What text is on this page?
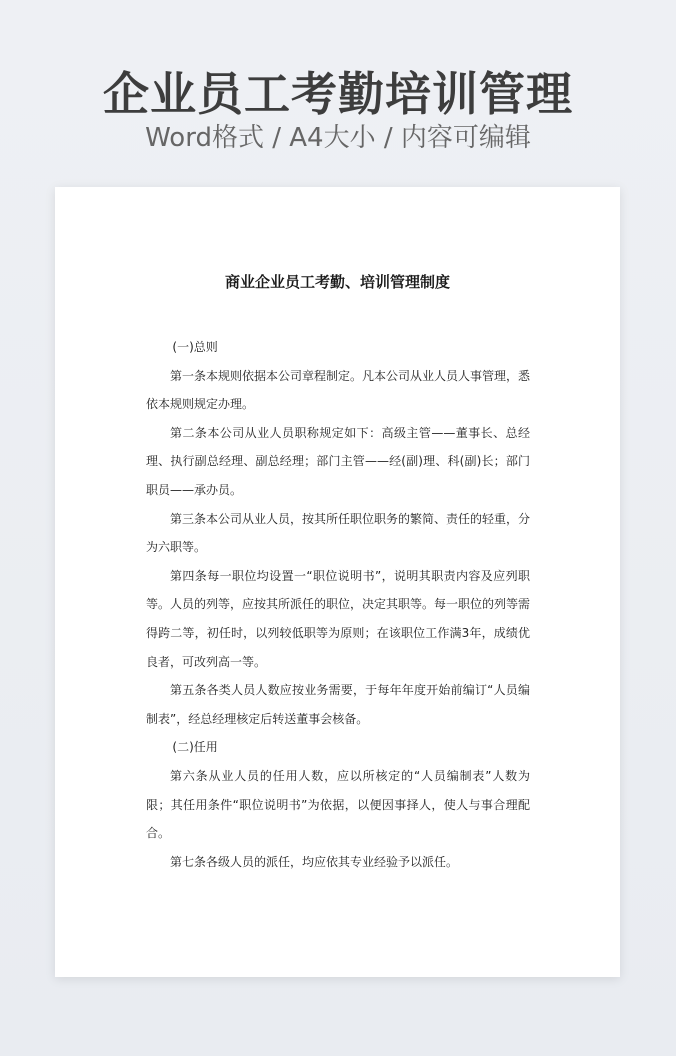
企业员工考勤培训管理
Word格式 / A4大小 / 内容可编辑
商业企业员工考勤、培训管理制度

(一)总则

第一条本规则依据本公司章程制定。凡本公司从业人员人事管理，悉依本规则规定办理。

第二条本公司从业人员职称规定如下：高级主管——董事长、总经理、执行副总经理、副总经理；部门主管——经(副)理、科(副)长；部门职员——承办员。

第三条本公司从业人员，按其所任职位职务的繁简、责任的轻重，分为六职等。

第四条每一职位均设置一“职位说明书”，说明其职责内容及应列职等。人员的列等，应按其所派任的职位，决定其职等。每一职位的列等需得跨二等，初任时，以列较低职等为原则；在该职位工作满3年，成绩优良者，可改列高一等。

第五条各类人员人数应按业务需要，于每年年度开始前编订“人员编制表”，经总经理核定后转送董事会核备。

(二)任用

第六条从业人员的任用人数，应以所核定的“人员编制表”人数为限；其任用条件“职位说明书”为依据，以便因事择人，使人与事合理配合。

第七条各级人员的派任，均应依其专业经验予以派任。
